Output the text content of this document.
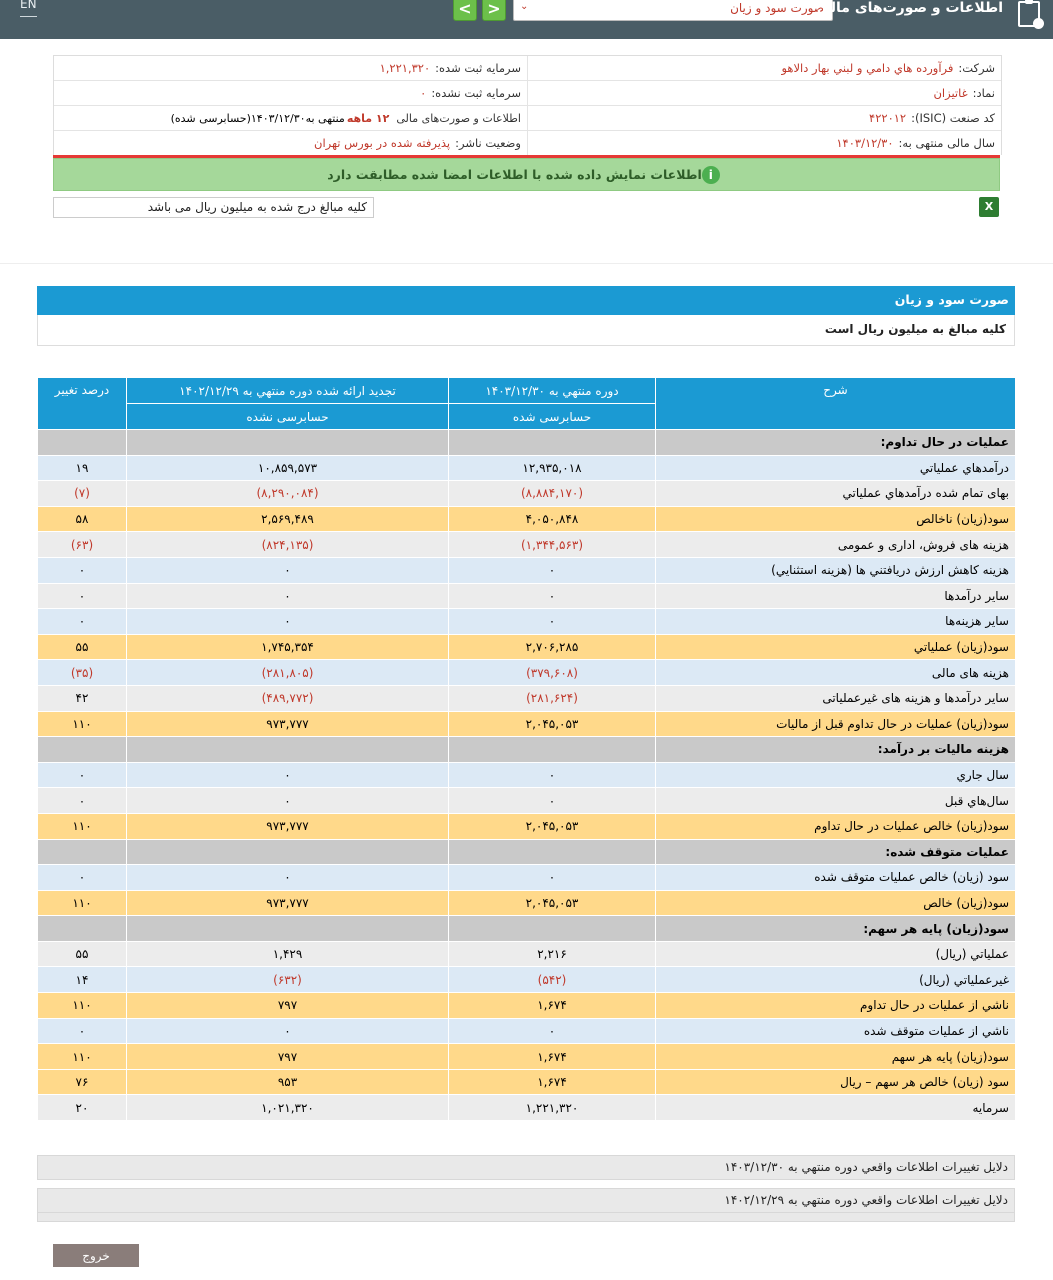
EN	< >	صورت سود و زیان
⌄	اطلاعات و صورت‌های مالی
شرکت:
فرآورده هاي دامي و لبني بهار دالاهو
سرمایه ثبت شده:
۱,۲۲۱,۳۲۰
نماد:
غاتیزان
سرمایه ثبت نشده:
۰
کد صنعت (ISIC):
۴۲۲۰۱۲
اطلاعات و صورت‌های مالی
۱۲ ماهه
منتهی به۱۴۰۳/۱۲/۳۰(حسابرسی شده)
سال مالی منتهی به:
۱۴۰۳/۱۲/۳۰
وضعیت ناشر:
پذیرفته شده در بورس تهران
i
اطلاعات نمایش داده شده با اطلاعات امضا شده مطابقت دارد
کلیه مبالغ درج شده به میلیون ریال می باشد	X
صورت سود و زیان
کلیه مبالغ به میلیون ریال است
شرح	دوره منتهي به ۱۴۰۳/۱۲/۳۰	تجدید ارائه شده دوره منتهي به ۱۴۰۲/۱۲/۲۹	درصد تغییر
	حسابرسی شده	حسابرسی نشده	
عملیات در حال تداوم:			
درآمدهاي عملياتي	۱۲,۹۳۵,۰۱۸	۱۰,۸۵۹,۵۷۳	۱۹
بهاى تمام شده درآمدهاي عملياتي	(۸,۸۸۴,۱۷۰)	(۸,۲۹۰,۰۸۴)	(۷)
سود(زيان) ناخالص	۴,۰۵۰,۸۴۸	۲,۵۶۹,۴۸۹	۵۸
هزينه هاى فروش، ادارى و عمومى	(۱,۳۴۴,۵۶۳)	(۸۲۴,۱۳۵)	(۶۳)
هزینه کاهش ارزش دریافتني ها (هزينه استثنايي)	۰	۰	۰
ساير درآمدها	۰	۰	۰
سایر هزینه‌ها	۰	۰	۰
سود(زيان) عملياتي	۲,۷۰۶,۲۸۵	۱,۷۴۵,۳۵۴	۵۵
هزينه هاى مالى	(۳۷۹,۶۰۸)	(۲۸۱,۸۰۵)	(۳۵)
ساير درآمدها و هزينه هاى غيرعملياتى	(۲۸۱,۶۲۴)	(۴۸۹,۷۷۲)	۴۲
سود(زيان) عمليات در حال تداوم قبل از ماليات	۲,۰۴۵,۰۵۳	۹۷۳,۷۷۷	۱۱۰
هزينه ماليات بر درآمد:			
سال جاري	۰	۰	۰
سال‌هاي قبل	۰	۰	۰
سود(زيان) خالص عمليات در حال تداوم	۲,۰۴۵,۰۵۳	۹۷۳,۷۷۷	۱۱۰
عملیات متوقف شده:			
سود (زيان) خالص عمليات متوقف شده	۰	۰	۰
سود(زيان) خالص	۲,۰۴۵,۰۵۳	۹۷۳,۷۷۷	۱۱۰
سود(زيان) پايه هر سهم:			
عملياتي (ريال)	۲,۲۱۶	۱,۴۲۹	۵۵
غيرعملياتي (ريال)	(۵۴۲)	(۶۳۲)	۱۴
ناشي از عمليات در حال تداوم	۱,۶۷۴	۷۹۷	۱۱۰
ناشي از عمليات متوقف شده	۰	۰	۰
سود(زيان) پايه هر سهم	۱,۶۷۴	۷۹۷	۱۱۰
سود (زيان) خالص هر سهم – ريال	۱,۶۷۴	۹۵۳	۷۶
سرمایه	۱,۲۲۱,۳۲۰	۱,۰۲۱,۳۲۰	۲۰
دلایل تغییرات اطلاعات واقعي دوره منتهي به ۱۴۰۳/۱۲/۳۰
دلایل تغییرات اطلاعات واقعي دوره منتهي به ۱۴۰۲/۱۲/۲۹
خروج
